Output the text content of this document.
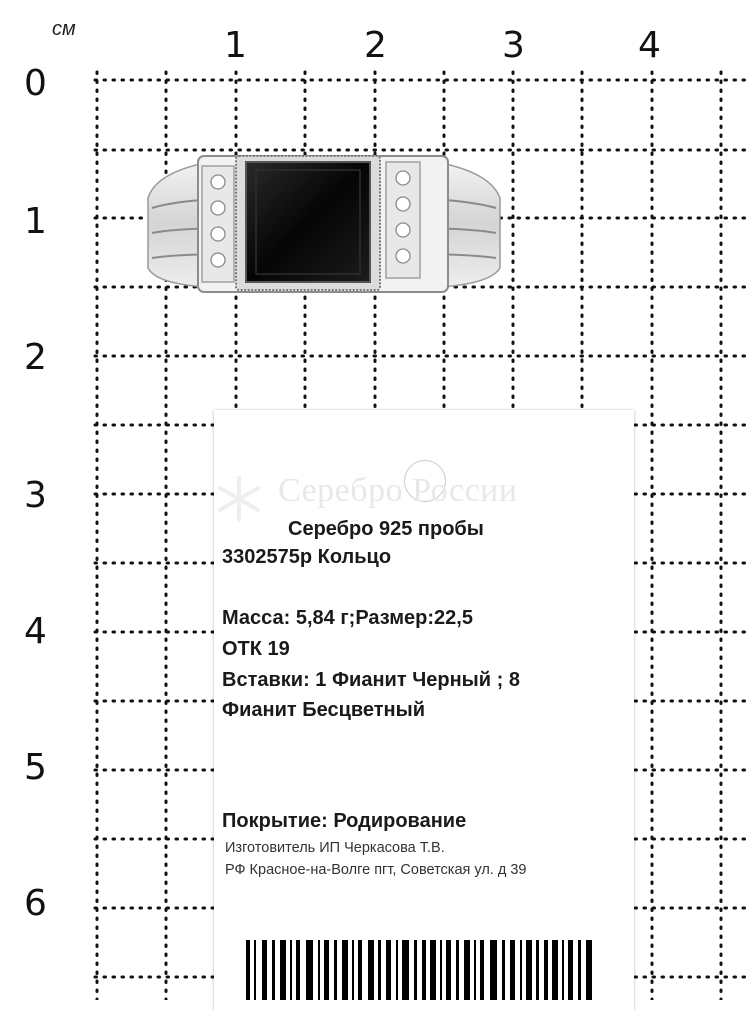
см	1	2	3	4
0
1
2
3
4
5
6
Серебро России
Серебро 925 пробы
3302575р Кольцо
Масса: 5,84 г;Размер:22,5
ОТК 19
Вставки: 1 Фианит Черный ; 8
Фианит Бесцветный
Покрытие: Родирование
Изготовитель ИП Черкасова Т.В.
РФ Красное-на-Волге пгт, Советская ул. д 39
